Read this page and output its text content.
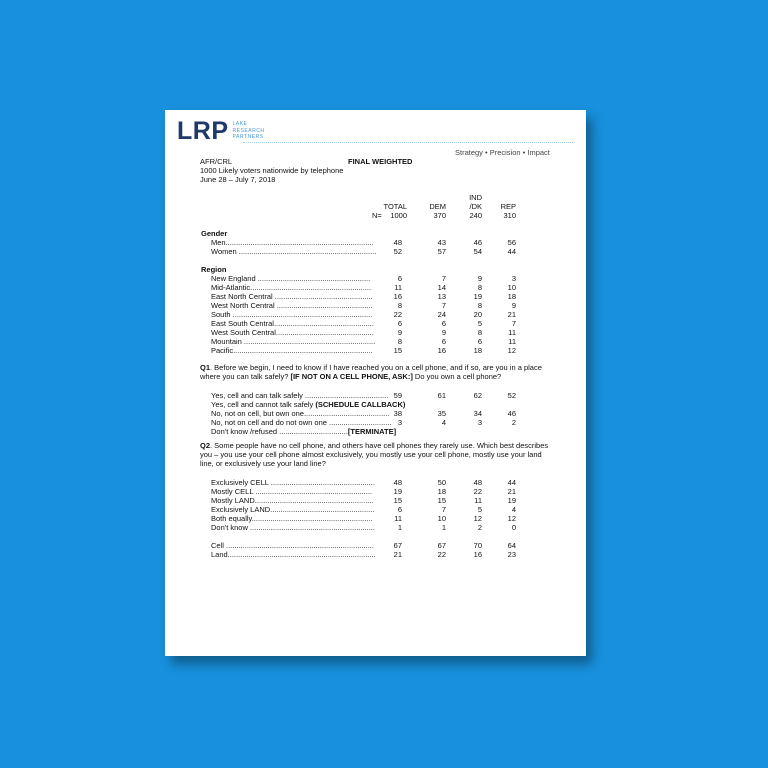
LRP LAKE
RESEARCH
PARTNERS
Strategy • Precision • Impact
AFR/CRL	FINAL WEIGHTED
1000 Likely voters nationwide by telephone
June 28 – July 7, 2018
IND
TOTAL	DEM	/DK	REP
N=	1000	370	240	310
Gender
Men.......................................................................	48	43	46	56
Women ..................................................................	52	57	54	44
Region
New England ......................................................	6	7	9	3
Mid-Atlantic..........................................................	11	14	8	10
East North Central ...............................................	16	13	19	18
West North Central ..............................................	8	7	8	9
South ...................................................................	22	24	20	21
East South Central................................................	6	6	5	7
West South Central...............................................	9	9	8	11
Mountain ...............................................................	8	6	6	11
Pacific...................................................................	15	16	18	12
Q1. Before we begin, I need to know if I have reached you on a cell phone, and if so, are you in a place where you can talk safely? [IF NOT ON A CELL PHONE, ASK:] Do you own a cell phone?
Yes, cell and can talk safely ........................................ 59	61	62	52
Yes, cell and cannot talk safely (SCHEDULE CALLBACK)
No, not on cell, but own one......................................... 38	35	34	46
No, not on cell and do not own one .............................. 3	4	3	2
Don't know /refused .................................[TERMINATE]
Q2. Some people have no cell phone, and others have cell phones they rarely use. Which best describes you – you use your cell phone almost exclusively, you mostly use your cell phone, mostly use your land line, or exclusively use your land line?
Exclusively CELL ..................................................	48	50	48	44
Mostly CELL ........................................................	19	18	22	21
Mostly LAND.........................................................	15	15	11	19
Exclusively LAND..................................................	6	7	5	4
Both equally..........................................................	11	10	12	12
Don't know ............................................................	1	1	2	0
Cell .......................................................................	67	67	70	64
Land.......................................................................	21	22	16	23
